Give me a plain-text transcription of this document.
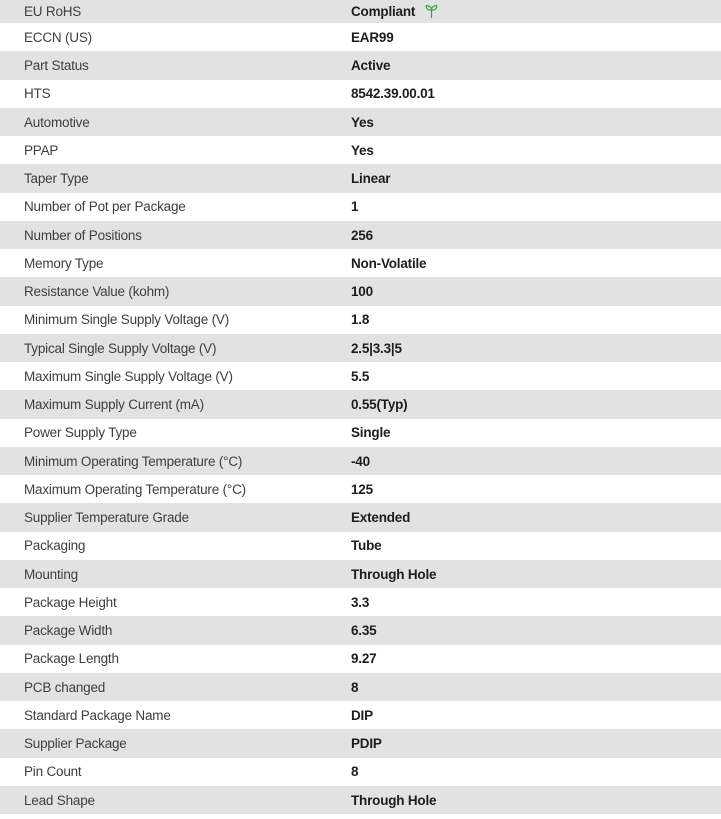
EU RoHS	Compliant
ECCN (US)	EAR99
Part Status	Active
HTS	8542.39.00.01
Automotive	Yes
PPAP	Yes
Taper Type	Linear
Number of Pot per Package	1
Number of Positions	256
Memory Type	Non-Volatile
Resistance Value (kohm)	100
Minimum Single Supply Voltage (V)	1.8
Typical Single Supply Voltage (V)	2.5|3.3|5
Maximum Single Supply Voltage (V)	5.5
Maximum Supply Current (mA)	0.55(Typ)
Power Supply Type	Single
Minimum Operating Temperature (°C)	-40
Maximum Operating Temperature (°C)	125
Supplier Temperature Grade	Extended
Packaging	Tube
Mounting	Through Hole
Package Height	3.3
Package Width	6.35
Package Length	9.27
PCB changed	8
Standard Package Name	DIP
Supplier Package	PDIP
Pin Count	8
Lead Shape	Through Hole
